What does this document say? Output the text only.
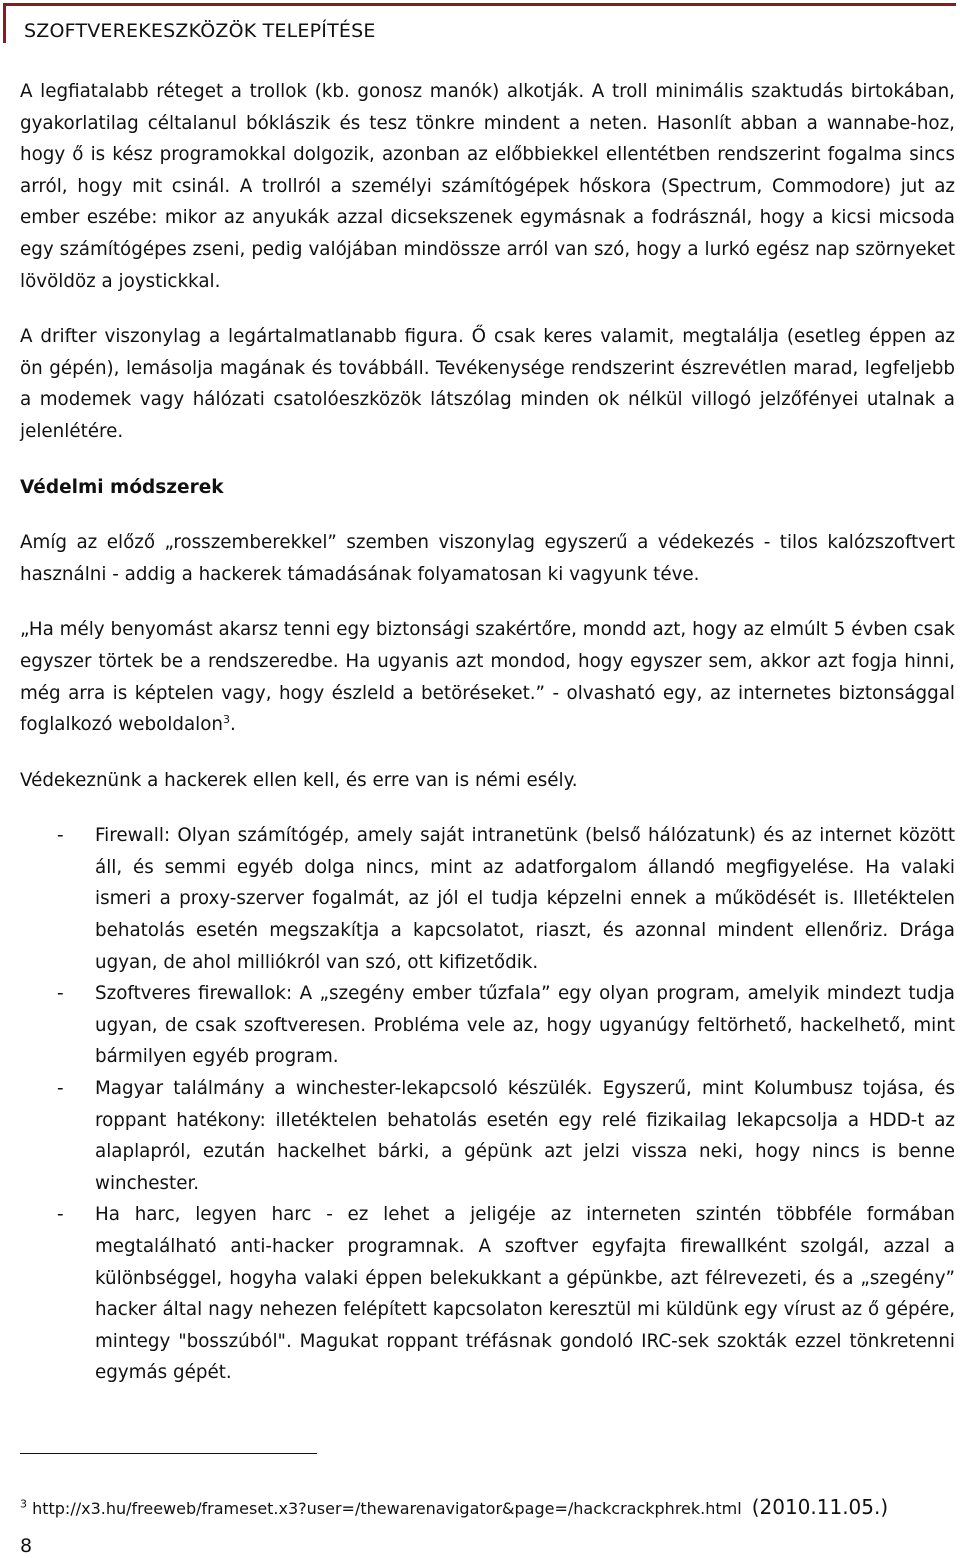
SZOFTVEREKESZKÖZÖK TELEPÍTÉSE

A legfiatalabb réteget a trollok (kb. gonosz manók) alkotják. A troll minimális szaktudás birtokában, gyakorlatilag céltalanul bóklászik és tesz tönkre mindent a neten. Hasonlít abban a wannabe-hoz, hogy ő is kész programokkal dolgozik, azonban az előbbiekkel ellentétben rendszerint fogalma sincs arról, hogy mit csinál. A trollról a személyi számítógépek hőskora (Spectrum, Commodore) jut az ember eszébe: mikor az anyukák azzal dicsekszenek egymásnak a fodrásznál, hogy a kicsi micsoda egy számítógépes zseni, pedig valójában mindössze arról van szó, hogy a lurkó egész nap szörnyeket lövöldöz a joystickkal.

A drifter viszonylag a legártalmatlanabb figura. Ő csak keres valamit, megtalálja (esetleg éppen az ön gépén), lemásolja magának és továbbáll. Tevékenysége rendszerint észrevétlen marad, legfeljebb a modemek vagy hálózati csatolóeszközök látszólag minden ok nélkül villogó jelzőfényei utalnak a jelenlétére.

Védelmi módszerek

Amíg az előző „rosszemberekkel” szemben viszonylag egyszerű a védekezés - tilos kalózszoftvert használni - addig a hackerek támadásának folyamatosan ki vagyunk téve.

„Ha mély benyomást akarsz tenni egy biztonsági szakértőre, mondd azt, hogy az elmúlt 5 évben csak egyszer törtek be a rendszeredbe. Ha ugyanis azt mondod, hogy egyszer sem, akkor azt fogja hinni, még arra is képtelen vagy, hogy észleld a betöréseket.” - olvasható egy, az internetes biztonsággal foglalkozó weboldalon$^3$.

Védekeznünk a hackerek ellen kell, és erre van is némi esély.

- Firewall: Olyan számítógép, amely saját intranetünk (belső hálózatunk) és az internet között áll, és semmi egyéb dolga nincs, mint az adatforgalom állandó megfigyelése. Ha valaki ismeri a proxy-szerver fogalmát, az jól el tudja képzelni ennek a működését is. Illetéktelen behatolás esetén megszakítja a kapcsolatot, riaszt, és azonnal mindent ellenőriz. Drága ugyan, de ahol milliókról van szó, ott kifizetődik.
- Szoftveres firewallok: A „szegény ember tűzfala” egy olyan program, amelyik mindezt tudja ugyan, de csak szoftveresen. Probléma vele az, hogy ugyanúgy feltörhető, hackelhető, mint bármilyen egyéb program.
- Magyar találmány a winchester-lekapcsoló készülék. Egyszerű, mint Kolumbusz tojása, és roppant hatékony: illetéktelen behatolás esetén egy relé fizikailag lekapcsolja a HDD-t az alaplapról, ezután hackelhet bárki, a gépünk azt jelzi vissza neki, hogy nincs is benne winchester.
- Ha harc, legyen harc - ez lehet a jeligéje az interneten szintén többféle formában megtalálható anti-hacker programnak. A szoftver egyfajta firewallként szolgál, azzal a különbséggel, hogyha valaki éppen belekukkant a gépünkbe, azt félrevezeti, és a „szegény” hacker által nagy nehezen felépített kapcsolaton keresztül mi küldünk egy vírust az ő gépére, mintegy "bosszúból". Magukat roppant tréfásnak gondoló IRC-sek szokták ezzel tönkretenni egymás gépét.
$^3$ http://x3.hu/freeweb/frameset.x3?user=/thewarenavigator&page=/hackcrackphrek.html (2010.11.05.)
8
